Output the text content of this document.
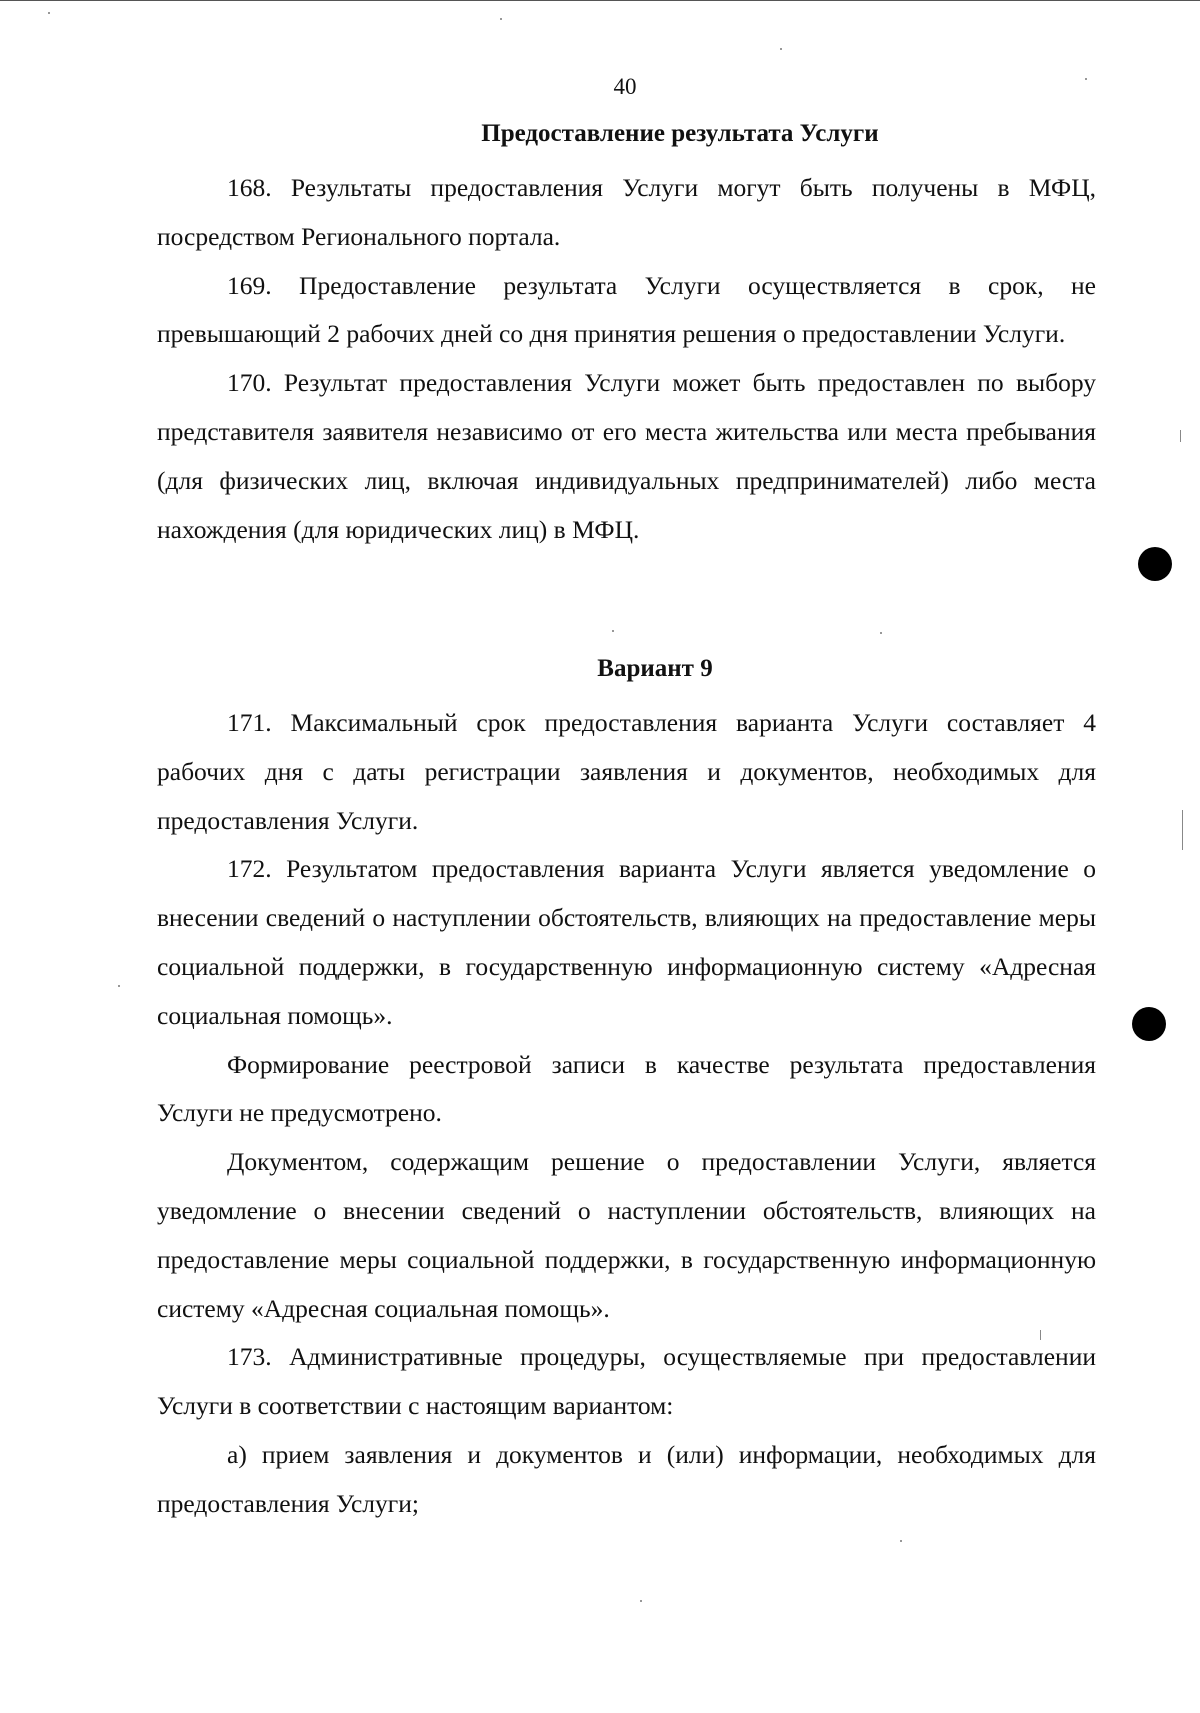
40
Предоставление результата Услуги

168. Результаты предоставления Услуги могут быть получены в МФЦ, посредством Регионального портала.

169. Предоставление результата Услуги осуществляется в срок, не превышающий 2 рабочих дней со дня принятия решения о предоставлении Услуги.

170. Результат предоставления Услуги может быть предоставлен по выбору представителя заявителя независимо от его места жительства или места пребывания (для физических лиц, включая индивидуальных предпринимателей) либо места нахождения (для юридических лиц) в МФЦ.

Вариант 9

171. Максимальный срок предоставления варианта Услуги составляет 4 рабочих дня с даты регистрации заявления и документов, необходимых для предоставления Услуги.

172. Результатом предоставления варианта Услуги является уведомление о внесении сведений о наступлении обстоятельств, влияющих на предоставление меры социальной поддержки, в государственную информационную систему «Адресная социальная помощь».

Формирование реестровой записи в качестве результата предоставления Услуги не предусмотрено.

Документом, содержащим решение о предоставлении Услуги, является уведомление о внесении сведений о наступлении обстоятельств, влияющих на предоставление меры социальной поддержки, в государственную информационную систему «Адресная социальная помощь».

173. Административные процедуры, осуществляемые при предоставлении Услуги в соответствии с настоящим вариантом:

а) прием заявления и документов и (или) информации, необходимых для предоставления Услуги;
